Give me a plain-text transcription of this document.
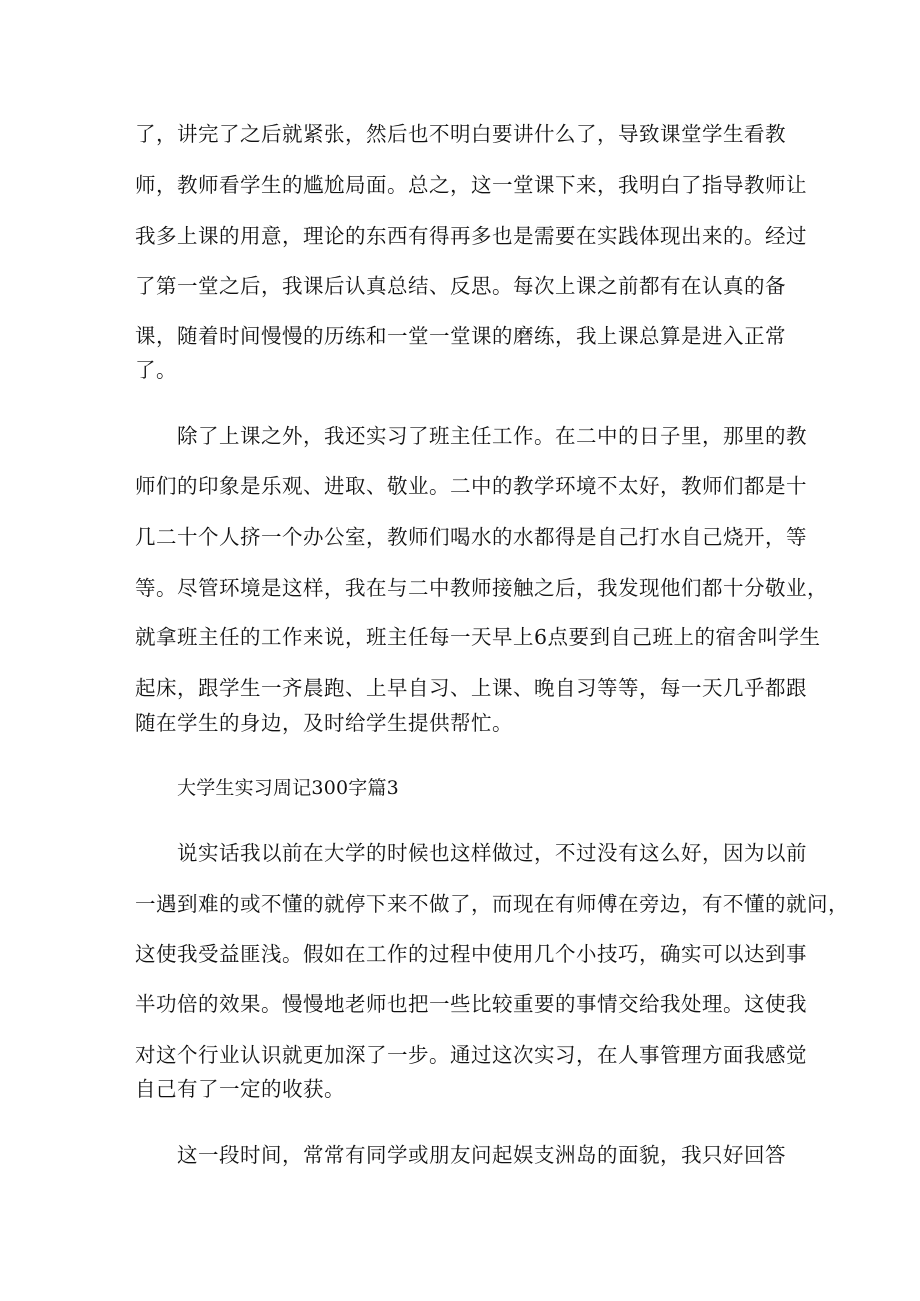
了，讲完了之后就紧张，然后也不明白要讲什么了，导致课堂学生看教
师，教师看学生的尴尬局面。总之，这一堂课下来，我明白了指导教师让
我多上课的用意，理论的东西有得再多也是需要在实践体现出来的。经过
了第一堂之后，我课后认真总结、反思。每次上课之前都有在认真的备
课，随着时间慢慢的历练和一堂一堂课的磨练，我上课总算是进入正常
了。
除了上课之外，我还实习了班主任工作。在二中的日子里，那里的教
师们的印象是乐观、进取、敬业。二中的教学环境不太好，教师们都是十
几二十个人挤一个办公室，教师们喝水的水都得是自己打水自己烧开，等
等。尽管环境是这样，我在与二中教师接触之后，我发现他们都十分敬业，
就拿班主任的工作来说，班主任每一天早上6点要到自己班上的宿舍叫学生
起床，跟学生一齐晨跑、上早自习、上课、晚自习等等，每一天几乎都跟
随在学生的身边，及时给学生提供帮忙。
大学生实习周记300字篇3
说实话我以前在大学的时候也这样做过，不过没有这么好，因为以前
一遇到难的或不懂的就停下来不做了，而现在有师傅在旁边，有不懂的就问，
这使我受益匪浅。假如在工作的过程中使用几个小技巧，确实可以达到事
半功倍的效果。慢慢地老师也把一些比较重要的事情交给我处理。这使我
对这个行业认识就更加深了一步。通过这次实习，在人事管理方面我感觉
自己有了一定的收获。
这一段时间，常常有同学或朋友问起娱支洲岛的面貌，我只好回答
